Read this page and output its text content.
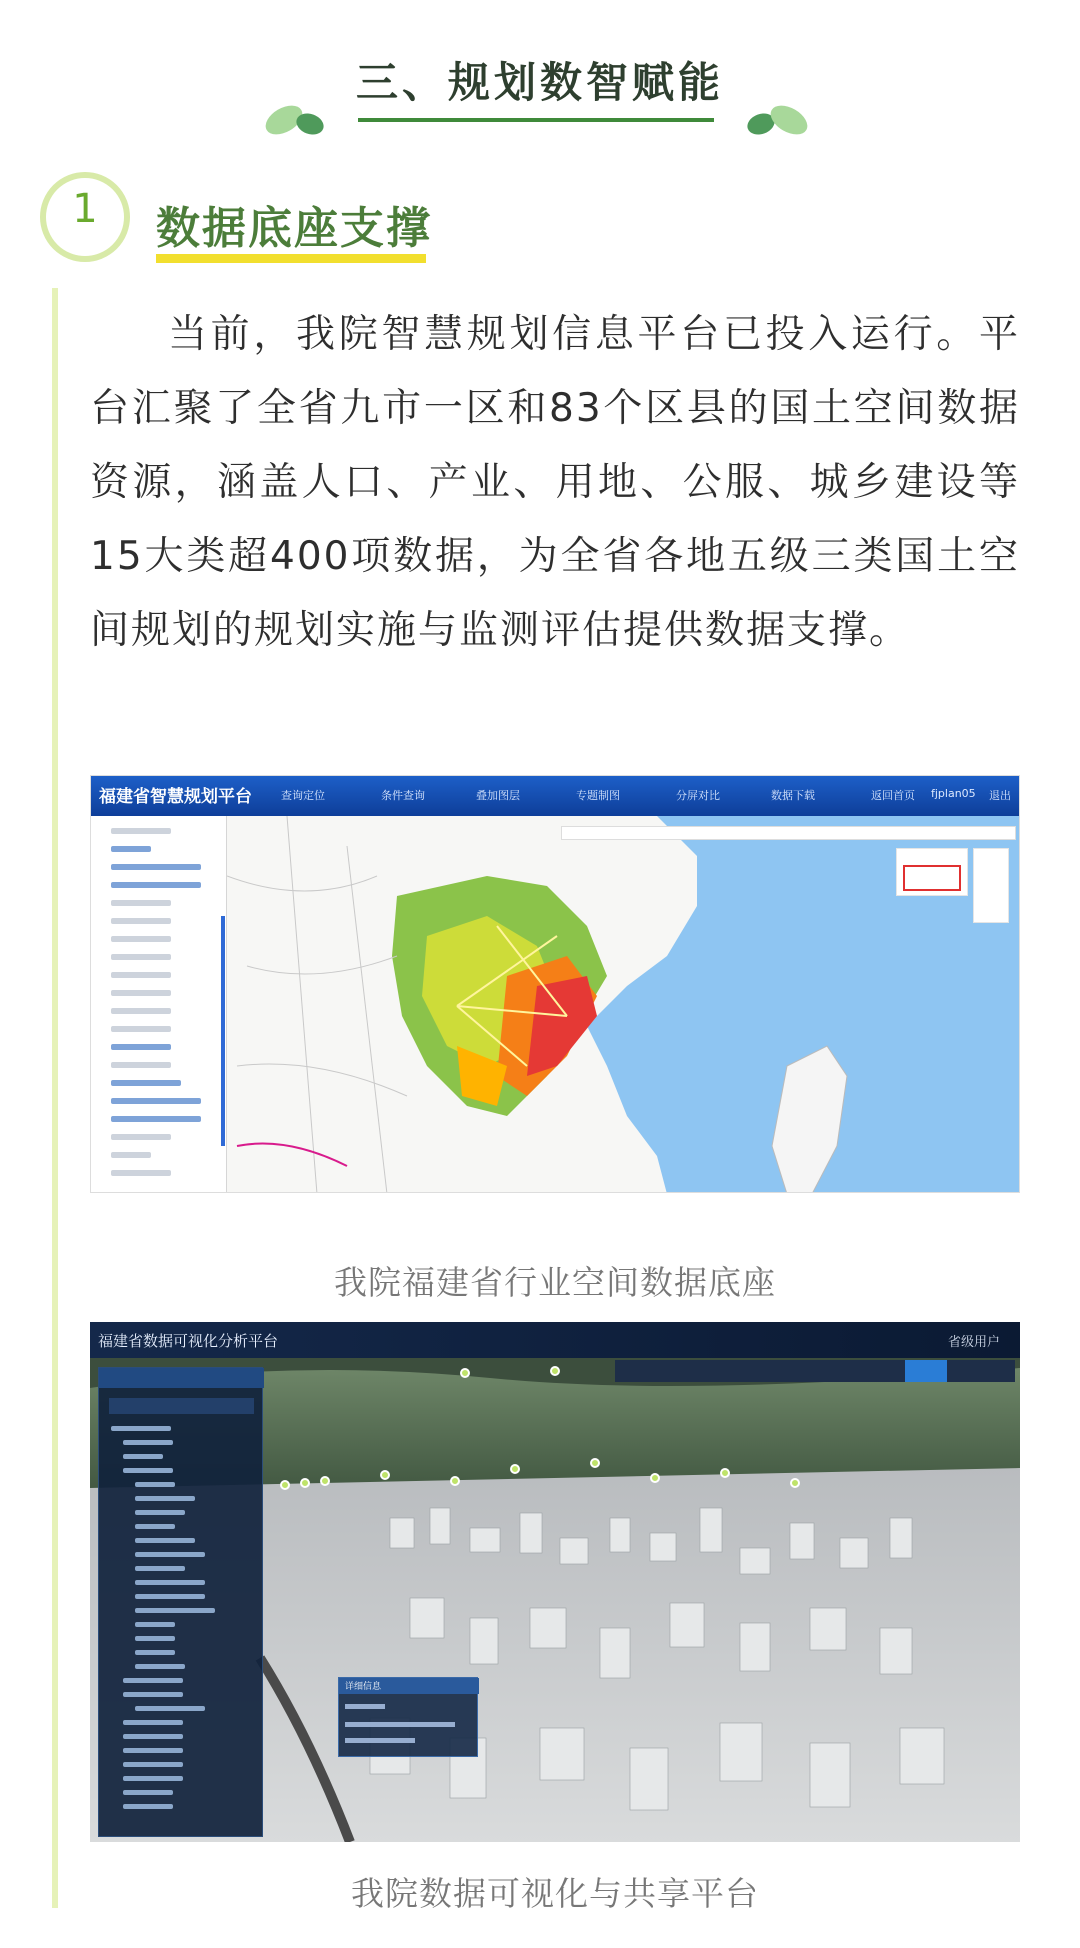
三、规划数智赋能
1	数据底座支撑
当前，我院智慧规划信息平台已投入运行。平台汇聚了全省九市一区和83个区县的国土空间数据资源，涵盖人口、产业、用地、公服、城乡建设等15大类超400项数据，为全省各地五级三类国土空间规划的规划实施与监测评估提供数据支撑。
福建省智慧规划平台	查询定位	条件查询	叠加图层	专题制图	分屏对比	数据下载	返回首页 fjplan05 退出
我院福建省行业空间数据底座
福建省数据可视化分析平台	省级用户
详细信息
我院数据可视化与共享平台
